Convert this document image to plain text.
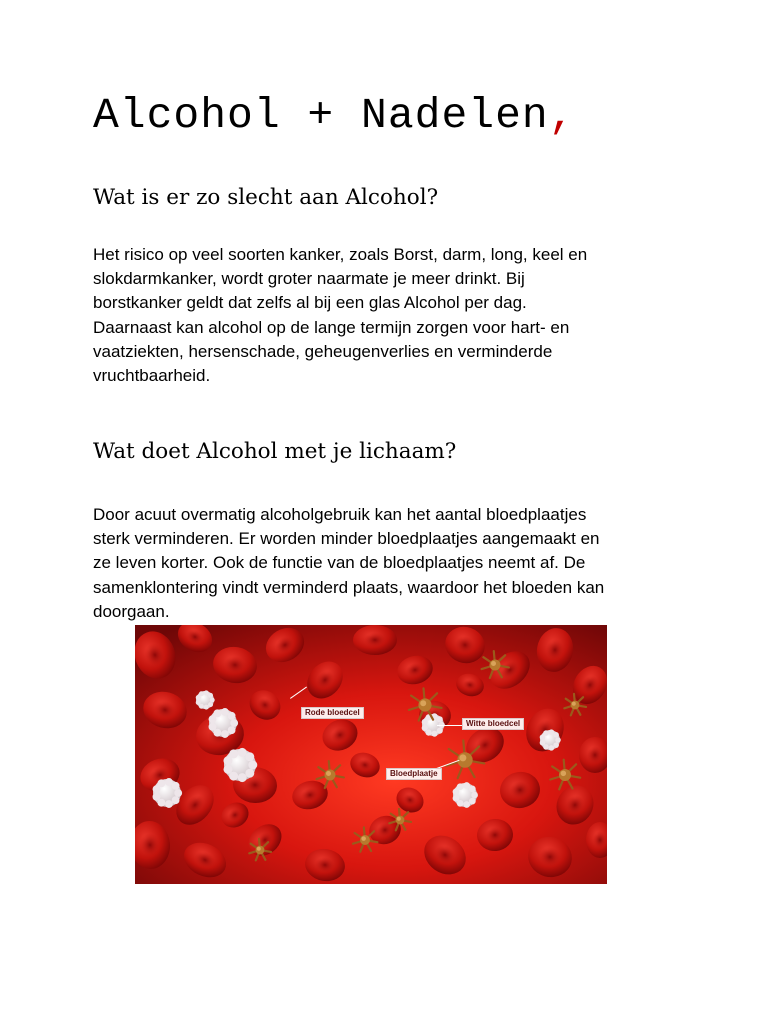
Alcohol + Nadelen,
Wat is er zo slecht aan Alcohol?
Het risico op veel soorten kanker, zoals Borst, darm, long, keel en
slokdarmkanker, wordt groter naarmate je meer drinkt. Bij
borstkanker geldt dat zelfs al bij een glas Alcohol per dag.
Daarnaast kan alcohol op de lange termijn zorgen voor hart- en
vaatziekten, hersenschade, geheugenverlies en verminderde
vruchtbaarheid.
Wat doet Alcohol met je lichaam?
Door acuut overmatig alcoholgebruik kan het aantal bloedplaatjes
sterk verminderen. Er worden minder bloedplaatjes aangemaakt en
ze leven korter. Ook de functie van de bloedplaatjes neemt af. De
samenklontering vindt verminderd plaats, waardoor het bloeden kan
doorgaan.
Rode bloedcel
Witte bloedcel
Bloedplaatje
